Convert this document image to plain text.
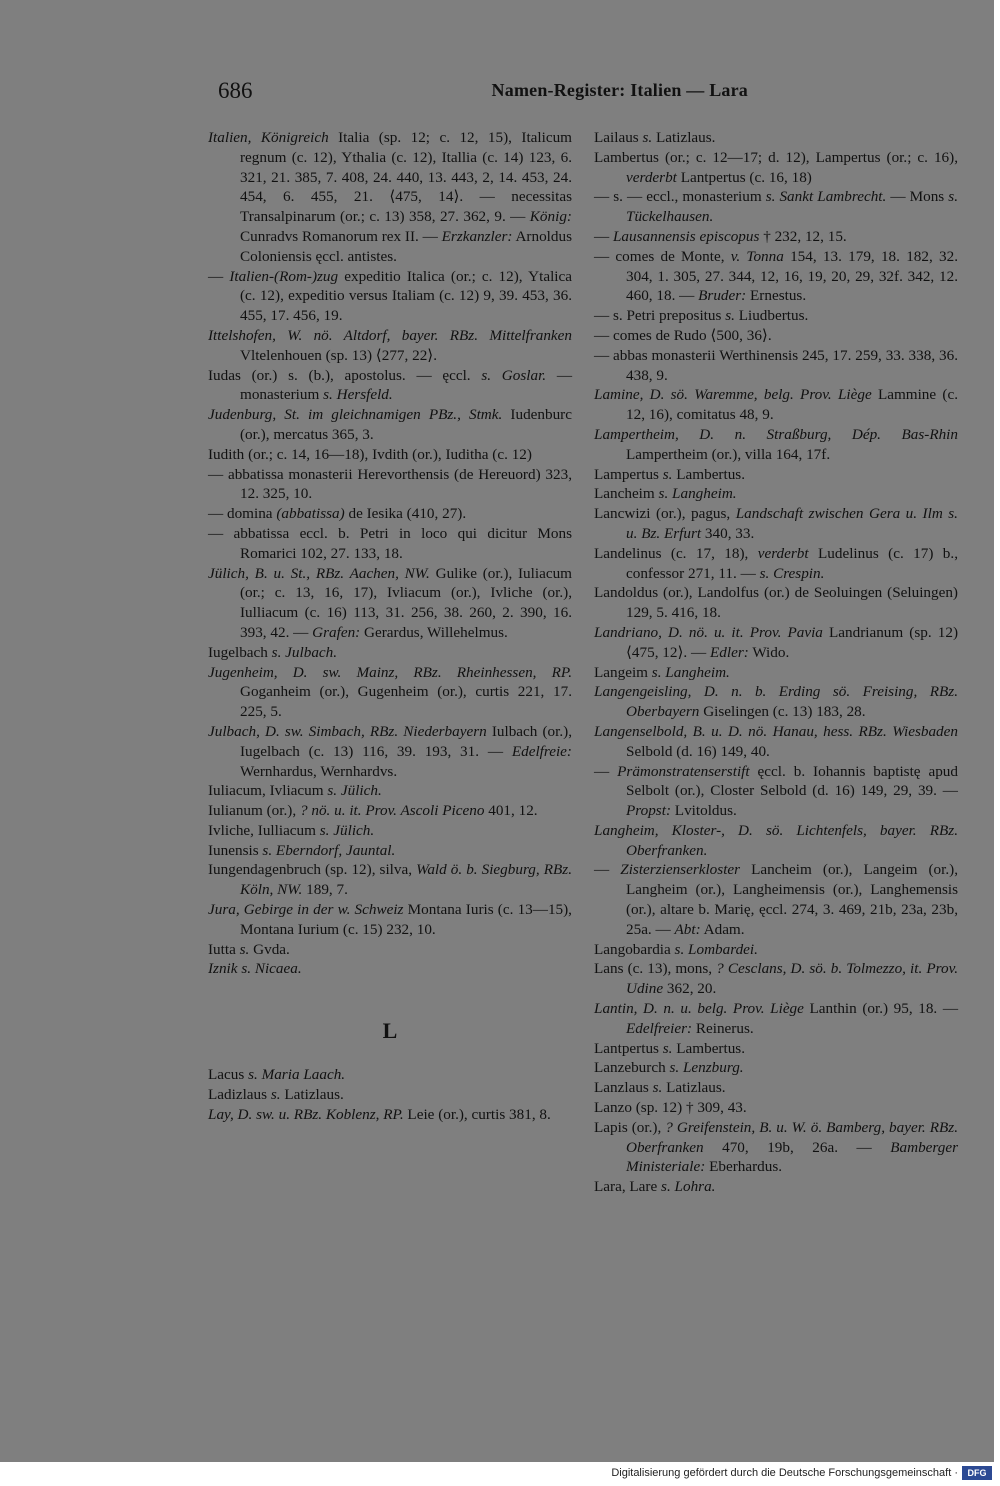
686	Namen-Register: Italien — Lara
Italien, Königreich Italia (sp. 12; c. 12, 15), Italicum regnum (c. 12), Ythalia (c. 12), Itallia (c. 14) 123, 6. 321, 21. 385, 7. 408, 24. 440, 13. 443, 2, 14. 453, 24. 454, 6. 455, 21. ⟨475, 14⟩. — necessitas Transalpinarum (or.; c. 13) 358, 27. 362, 9. — König: Cunradvs Romanorum rex II. — Erzkanzler: Arnoldus Coloniensis ęccl. antistes.
— Italien-(Rom-)zug expeditio Italica (or.; c. 12), Ytalica (c. 12), expeditio versus Italiam (c. 12) 9, 39. 453, 36. 455, 17. 456, 19.
Ittelshofen, W. nö. Altdorf, bayer. RBz. Mittelfranken Vltelenhouen (sp. 13) ⟨277, 22⟩.
Iudas (or.) s. (b.), apostolus. — ęccl. s. Goslar. — monasterium s. Hersfeld.
Judenburg, St. im gleichnamigen PBz., Stmk. Iudenburc (or.), mercatus 365, 3.
Iudith (or.; c. 14, 16—18), Ivdith (or.), Iuditha (c. 12)
— abbatissa monasterii Herevorthensis (de Hereuord) 323, 12. 325, 10.
— domina (abbatissa) de Iesika (410, 27).
— abbatissa eccl. b. Petri in loco qui dicitur Mons Romarici 102, 27. 133, 18.
Jülich, B. u. St., RBz. Aachen, NW. Gulike (or.), Iuliacum (or.; c. 13, 16, 17), Ivliacum (or.), Ivliche (or.), Iulliacum (c. 16) 113, 31. 256, 38. 260, 2. 390, 16. 393, 42. — Grafen: Gerardus, Willehelmus.
Iugelbach s. Julbach.
Jugenheim, D. sw. Mainz, RBz. Rheinhessen, RP. Goganheim (or.), Gugenheim (or.), curtis 221, 17. 225, 5.
Julbach, D. sw. Simbach, RBz. Niederbayern Iulbach (or.), Iugelbach (c. 13) 116, 39. 193, 31. — Edelfreie: Wernhardus, Wernhardvs.
Iuliacum, Ivliacum s. Jülich.
Iulianum (or.), ? nö. u. it. Prov. Ascoli Piceno 401, 12.
Ivliche, Iulliacum s. Jülich.
Iunensis s. Eberndorf, Jauntal.
Iungendagenbruch (sp. 12), silva, Wald ö. b. Siegburg, RBz. Köln, NW. 189, 7.
Jura, Gebirge in der w. Schweiz Montana Iuris (c. 13—15), Montana Iurium (c. 15) 232, 10.
Iutta s. Gvda.
Iznik s. Nicaea.
L
Lacus s. Maria Laach.
Ladizlaus s. Latizlaus.
Lay, D. sw. u. RBz. Koblenz, RP. Leie (or.), curtis 381, 8.
Lailaus s. Latizlaus.
Lambertus (or.; c. 12—17; d. 12), Lampertus (or.; c. 16), verderbt Lantpertus (c. 16, 18)
— s. — eccl., monasterium s. Sankt Lambrecht. — Mons s. Tückelhausen.
— Lausannensis episcopus † 232, 12, 15.
— comes de Monte, v. Tonna 154, 13. 179, 18. 182, 32. 304, 1. 305, 27. 344, 12, 16, 19, 20, 29, 32f. 342, 12. 460, 18. — Bruder: Ernestus.
— s. Petri prepositus s. Liudbertus.
— comes de Rudo ⟨500, 36⟩.
— abbas monasterii Werthinensis 245, 17. 259, 33. 338, 36. 438, 9.
Lamine, D. sö. Waremme, belg. Prov. Liège Lammine (c. 12, 16), comitatus 48, 9.
Lampertheim, D. n. Straßburg, Dép. Bas-Rhin Lampertheim (or.), villa 164, 17f.
Lampertus s. Lambertus.
Lancheim s. Langheim.
Lancwizi (or.), pagus, Landschaft zwischen Gera u. Ilm s. u. Bz. Erfurt 340, 33.
Landelinus (c. 17, 18), verderbt Ludelinus (c. 17) b., confessor 271, 11. — s. Crespin.
Landoldus (or.), Landolfus (or.) de Seoluingen (Seluingen) 129, 5. 416, 18.
Landriano, D. nö. u. it. Prov. Pavia Landrianum (sp. 12) ⟨475, 12⟩. — Edler: Wido.
Langeim s. Langheim.
Langengeisling, D. n. b. Erding sö. Freising, RBz. Oberbayern Giselingen (c. 13) 183, 28.
Langenselbold, B. u. D. nö. Hanau, hess. RBz. Wiesbaden Selbold (d. 16) 149, 40.
— Prämonstratenserstift ęccl. b. Iohannis baptistę apud Selbolt (or.), Closter Selbold (d. 16) 149, 29, 39. — Propst: Lvitoldus.
Langheim, Kloster-, D. sö. Lichtenfels, bayer. RBz. Oberfranken.
— Zisterzienserkloster Lancheim (or.), Langeim (or.), Langheim (or.), Langheimensis (or.), Langhemensis (or.), altare b. Marię, ęccl. 274, 3. 469, 21b, 23a, 23b, 25a. — Abt: Adam.
Langobardia s. Lombardei.
Lans (c. 13), mons, ? Cesclans, D. sö. b. Tolmezzo, it. Prov. Udine 362, 20.
Lantin, D. n. u. belg. Prov. Liège Lanthin (or.) 95, 18. — Edelfreier: Reinerus.
Lantpertus s. Lambertus.
Lanzeburch s. Lenzburg.
Lanzlaus s. Latizlaus.
Lanzo (sp. 12) † 309, 43.
Lapis (or.), ? Greifenstein, B. u. W. ö. Bamberg, bayer. RBz. Oberfranken 470, 19b, 26a. — Bamberger Ministeriale: Eberhardus.
Lara, Lare s. Lohra.
Digitalisierung gefördert durch die Deutsche Forschungsgemeinschaft ·	DFG
